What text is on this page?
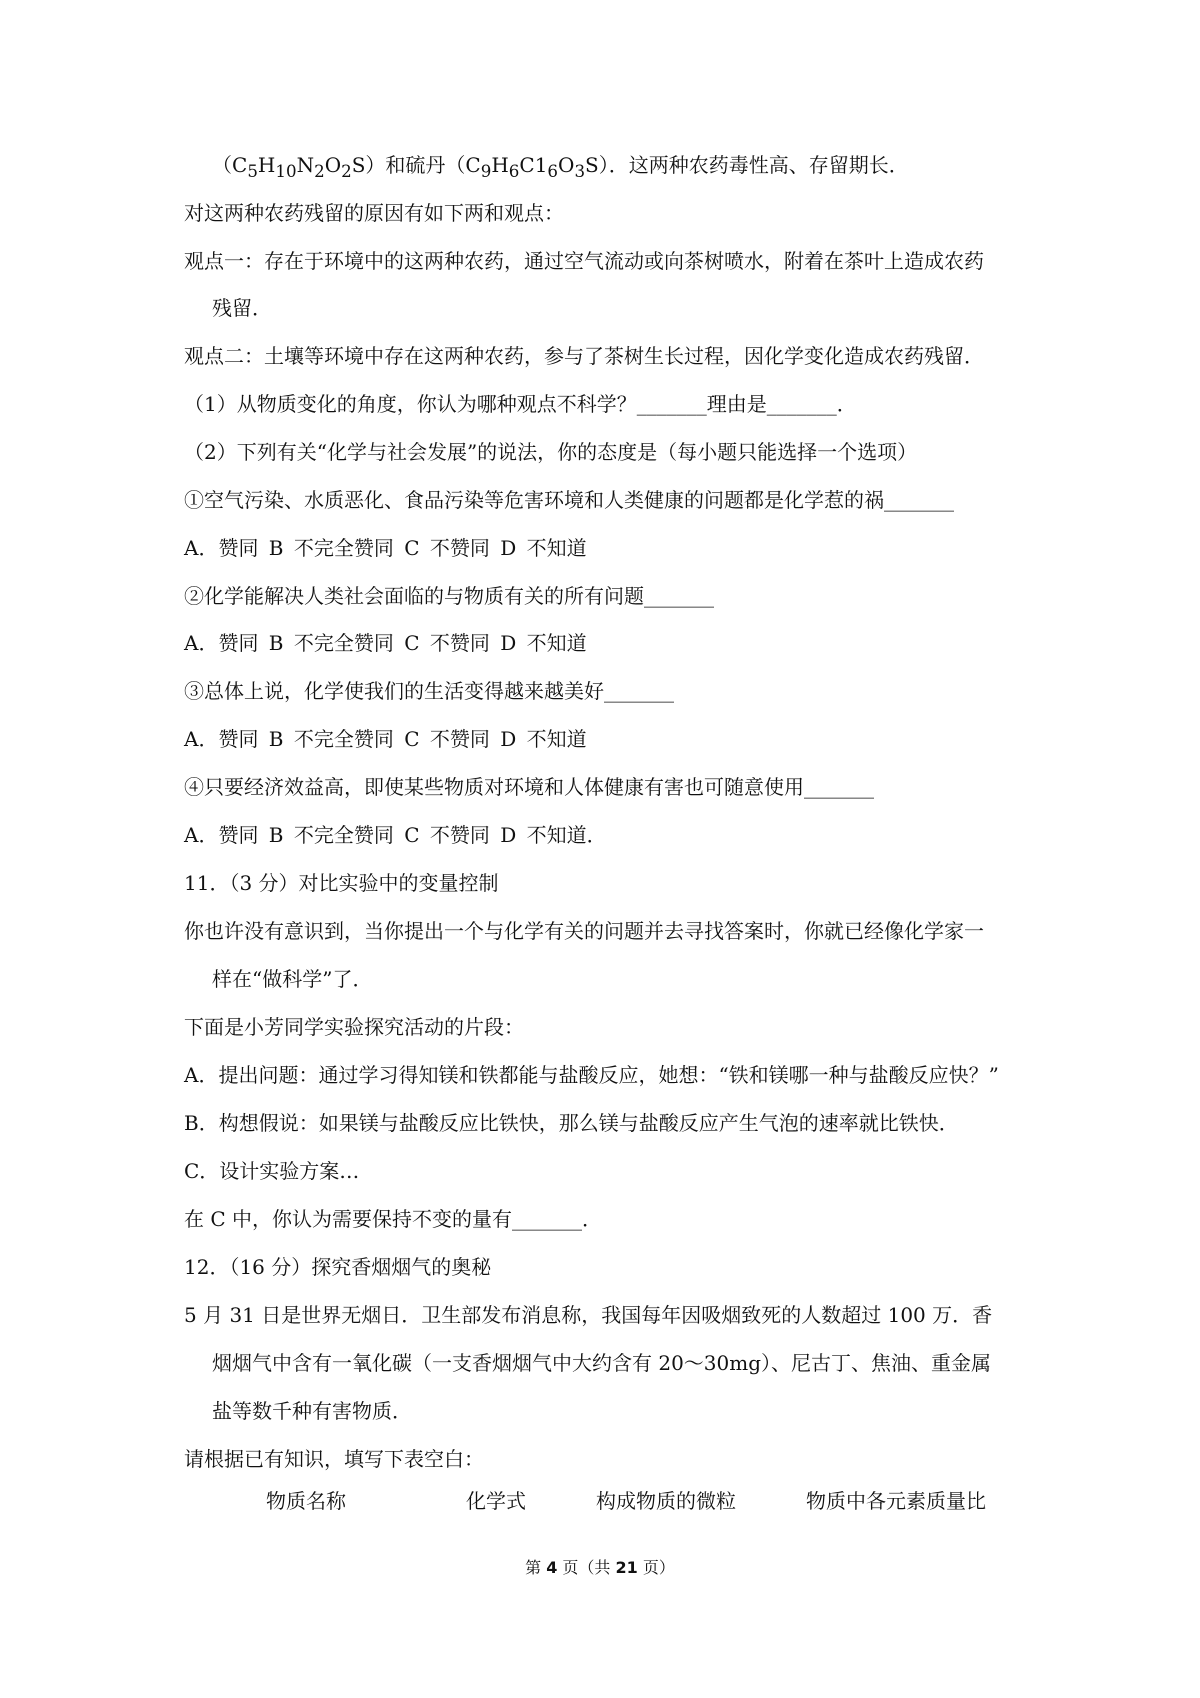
$(C_5H_{10}N_2O_2S)$和硫丹$(C_9H_6C1_6O_3S)$．这两种农药毒性高、存留期长．
对这两种农药残留的原因有如下两和观点：
观点一：存在于环境中的这两种农药，通过空气流动或向茶树喷水，附着在茶叶上造成农药
残留．
观点二：土壤等环境中存在这两种农药，参与了茶树生长过程，因化学变化造成农药残留．
（1）从物质变化的角度，你认为哪种观点不科学？_______理由是_______．
（2）下列有关“化学与社会发展”的说法，你的态度是（每小题只能选择一个选项）
①空气污染、水质恶化、食品污染等危害环境和人类健康的问题都是化学惹的祸_______
A．赞同 B 不完全赞同 C 不赞同 D 不知道
②化学能解决人类社会面临的与物质有关的所有问题_______
A．赞同 B 不完全赞同 C 不赞同 D 不知道
③总体上说，化学使我们的生活变得越来越美好_______
A．赞同 B 不完全赞同 C 不赞同 D 不知道
④只要经济效益高，即使某些物质对环境和人体健康有害也可随意使用_______
A．赞同 B 不完全赞同 C 不赞同 D 不知道．
11．（3 分）对比实验中的变量控制
你也许没有意识到，当你提出一个与化学有关的问题并去寻找答案时，你就已经像化学家一
样在“做科学”了．
下面是小芳同学实验探究活动的片段：
A．提出问题：通过学习得知镁和铁都能与盐酸反应，她想：“铁和镁哪一种与盐酸反应快？”
B．构想假说：如果镁与盐酸反应比铁快，那么镁与盐酸反应产生气泡的速率就比铁快．
C．设计实验方案…
在 C 中，你认为需要保持不变的量有_______．
12．（16 分）探究香烟烟气的奥秘
5 月 31 日是世界无烟日．卫生部发布消息称，我国每年因吸烟致死的人数超过 100 万．香
烟烟气中含有一氧化碳（一支香烟烟气中大约含有 20～30mg）、尼古丁、焦油、重金属
盐等数千种有害物质．
请根据已有知识，填写下表空白：
物质名称	化学式	构成物质的微粒	物质中各元素质量比
第 4 页（共 21 页）
